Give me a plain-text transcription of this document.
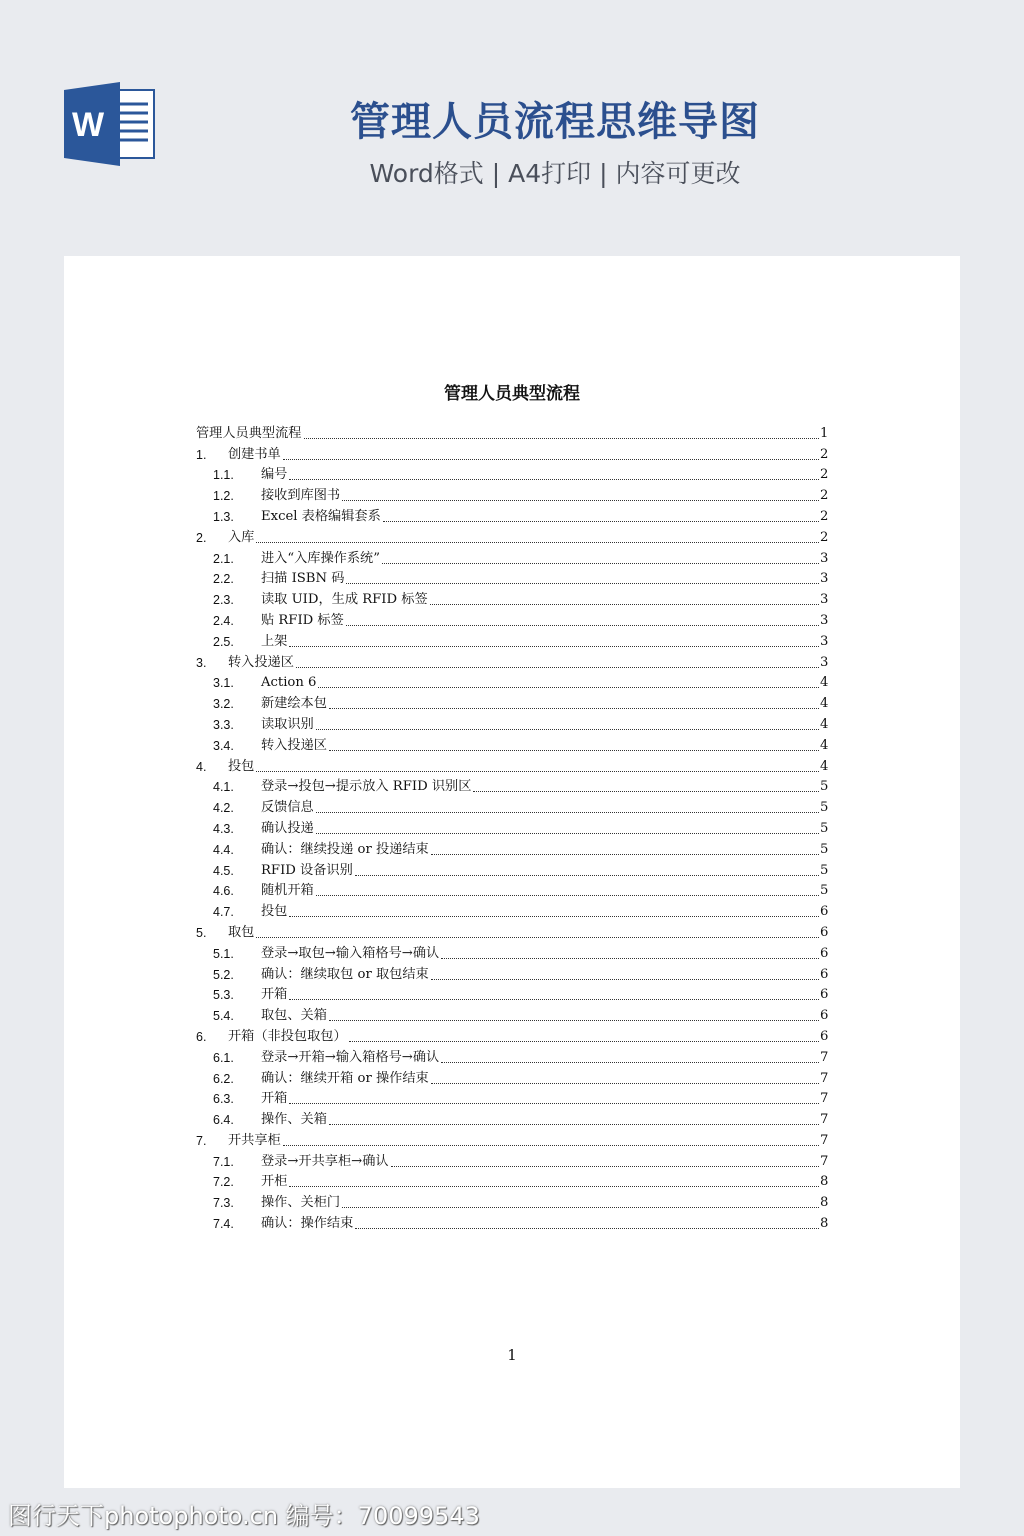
W	管理人员流程思维导图
Word格式 | A4打印 | 内容可更改
管理人员典型流程
管理人员典型流程	1
1.	创建书单	2
1.1.	编号	2
1.2.	接收到库图书	2
1.3.	Excel 表格编辑套系	2
2.	入库	2
2.1.	进入“入库操作系统”	3
2.2.	扫描 ISBN 码	3
2.3.	读取 UID，生成 RFID 标签	3
2.4.	贴 RFID 标签	3
2.5.	上架	3
3.	转入投递区	3
3.1.	Action 6	4
3.2.	新建绘本包	4
3.3.	读取识别	4
3.4.	转入投递区	4
4.	投包	4
4.1.	登录→投包→提示放入 RFID 识别区	5
4.2.	反馈信息	5
4.3.	确认投递	5
4.4.	确认：继续投递 or 投递结束	5
4.5.	RFID 设备识别	5
4.6.	随机开箱	5
4.7.	投包	6
5.	取包	6
5.1.	登录→取包→输入箱格号→确认	6
5.2.	确认：继续取包 or 取包结束	6
5.3.	开箱	6
5.4.	取包、关箱	6
6.	开箱（非投包取包）	6
6.1.	登录→开箱→输入箱格号→确认	7
6.2.	确认：继续开箱 or 操作结束	7
6.3.	开箱	7
6.4.	操作、关箱	7
7.	开共享柜	7
7.1.	登录→开共享柜→确认	7
7.2.	开柜	8
7.3.	操作、关柜门	8
7.4.	确认：操作结束	8
1
图行天下photophoto.cn 编号：70099543
